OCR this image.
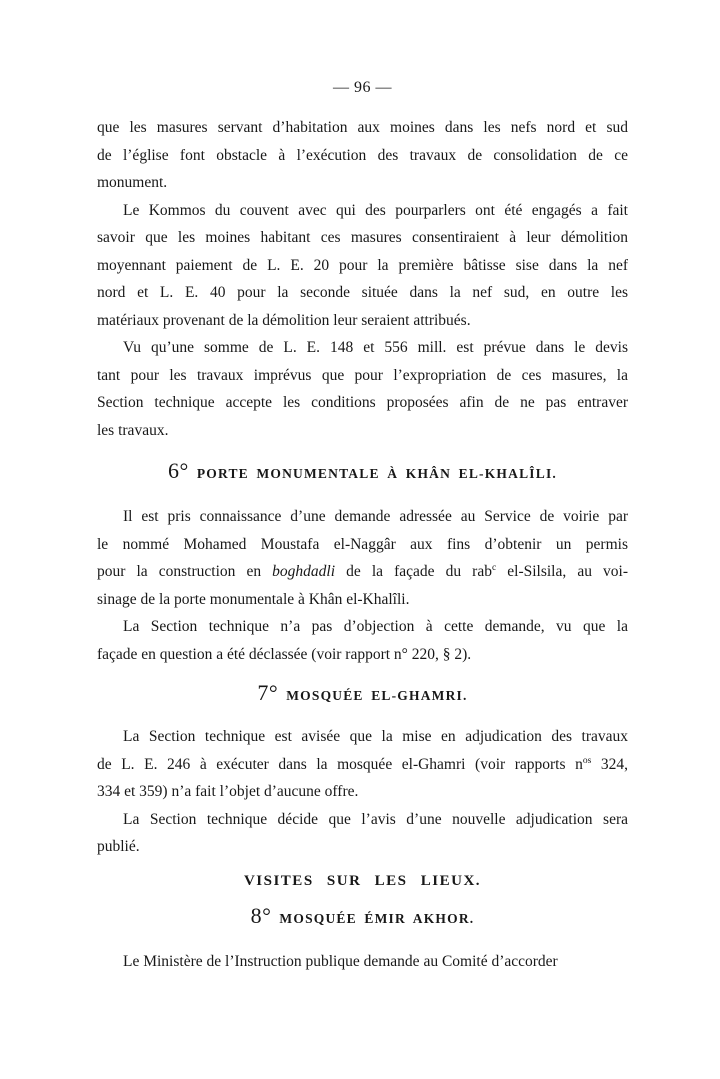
— 96 —

que les masures servant d’habitation aux moines dans les nefs nord et sud
de l’église font obstacle à l’exécution des travaux de consolidation de ce
monument.

Le Kommos du couvent avec qui des pourparlers ont été engagés a fait
savoir que les moines habitant ces masures consentiraient à leur démolition
moyennant paiement de L. E. 20 pour la première bâtisse sise dans la nef
nord et L. E. 40 pour la seconde située dans la nef sud, en outre les
matériaux provenant de la démolition leur seraient attribués.

Vu qu’une somme de L. E. 148 et 556 mill. est prévue dans le devis
tant pour les travaux imprévus que pour l’expropriation de ces masures, la
Section technique accepte les conditions proposées afin de ne pas entraver
les travaux.

6° PORTE MONUMENTALE À KHÂN EL-KHALÎLI.

Il est pris connaissance d’une demande adressée au Service de voirie par
le nommé Mohamed Moustafa el-Naggâr aux fins d’obtenir un permis
pour la construction en boghdadli de la façade du rab$^c$ el-Silsila, au voi-
sinage de la porte monumentale à Khân el-Khalîli.

La Section technique n’a pas d’objection à cette demande, vu que la
façade en question a été déclassée (voir rapport n° 220, § 2).

7° MOSQUÉE EL-GHAMRI.

La Section technique est avisée que la mise en adjudication des travaux
de L. E. 246 à exécuter dans la mosquée el-Ghamri (voir rapports $n^{os}$ 324,
334 et 359) n’a fait l’objet d’aucune offre.

La Section technique décide que l’avis d’une nouvelle adjudication sera
publié.

VISITES SUR LES LIEUX.
8° MOSQUÉE ÉMIR AKHOR.

Le Ministère de l’Instruction publique demande au Comité d’accorder
